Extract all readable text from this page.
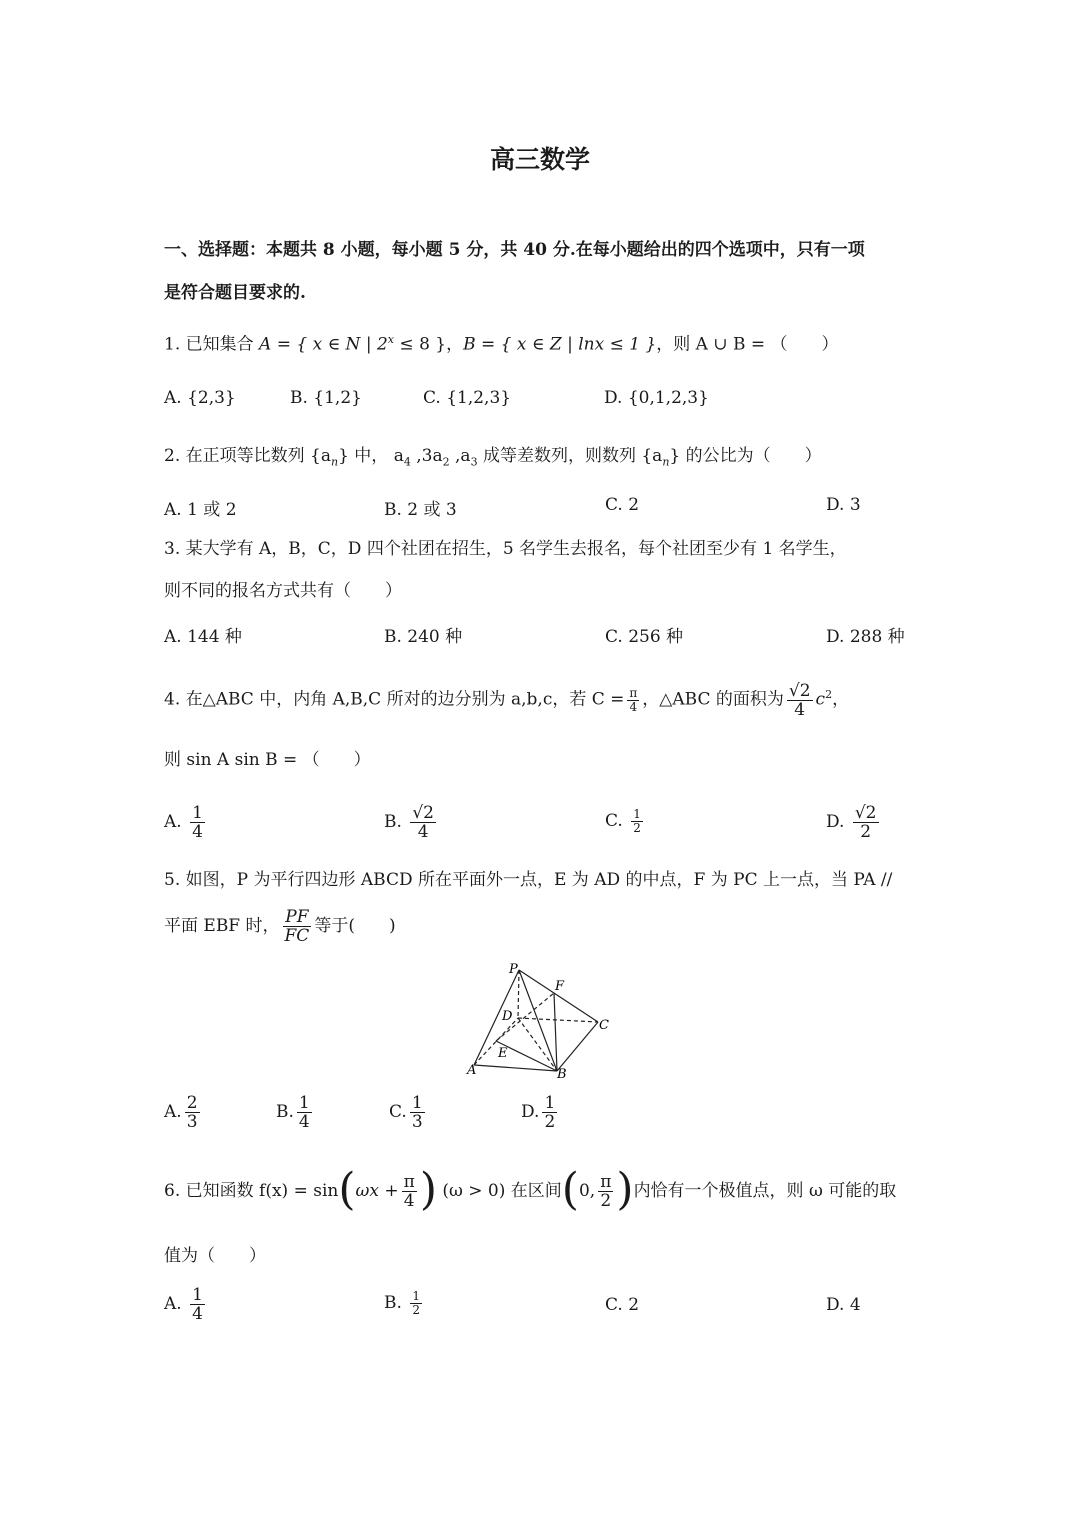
高三数学
一、选择题：本题共 8 小题，每小题 5 分，共 40 分.在每小题给出的四个选项中，只有一项
是符合题目要求的.
1. 已知集合 A = { x ∈ N | $2^x \le 8$ }，B = { x ∈ Z | lnx ≤ 1 }，则 A ∪ B = （　　）
A. {2,3}	B. {1,2}	C. {1,2,3}	D. {0,1,2,3}
2. 在正项等比数列 $\{a_n\}$ 中， $a_4$ $,3a_2$ $,a_3$ 成等差数列，则数列 $\{a_n\}$ 的公比为（　　）
A. 1 或 2	B. 2 或 3	C. 2	D. 3
3. 某大学有 A，B，C，D 四个社团在招生，5 名学生去报名，每个社团至少有 1 名学生，
则不同的报名方式共有（　　）
A. 144 种	B. 240 种	C. 256 种	D. 288 种
4. 在△ABC 中，内角 A,B,C 所对的边分别为 a,b,c，若 $C = \frac{\pi}{4}$ ，△ABC 的面积为 $\frac{√2}{4} c^2$，
则 sin A sin B = （　　）
A. $\frac{1}{4}$	B. $\frac{√2}{4}$	C. $\frac{1}{2}$	D. $\frac{√2}{2}$
5. 如图，P 为平行四边形 ABCD 所在平面外一点，E 为 AD 的中点，F 为 PC 上一点，当 PA //
平面 EBF 时， $\frac{PF}{FC}$ 等于(　　)
P
F
D
C
E
A	B
A. $\frac{2}{3}$	B. $\frac{1}{4}$	C. $\frac{1}{3}$	D. $\frac{1}{2}$
6. 已知函数 $f(x) = \sin(\omega x + \frac{\pi}{4}$ ) (ω > 0) 在区间(0, $\frac{\pi}{2}$ )内恰有一个极值点，则 ω 可能的取
值为（　　）
A. $\frac{1}{4}$	B. $\frac{1}{2}$	C. 2	D. 4
